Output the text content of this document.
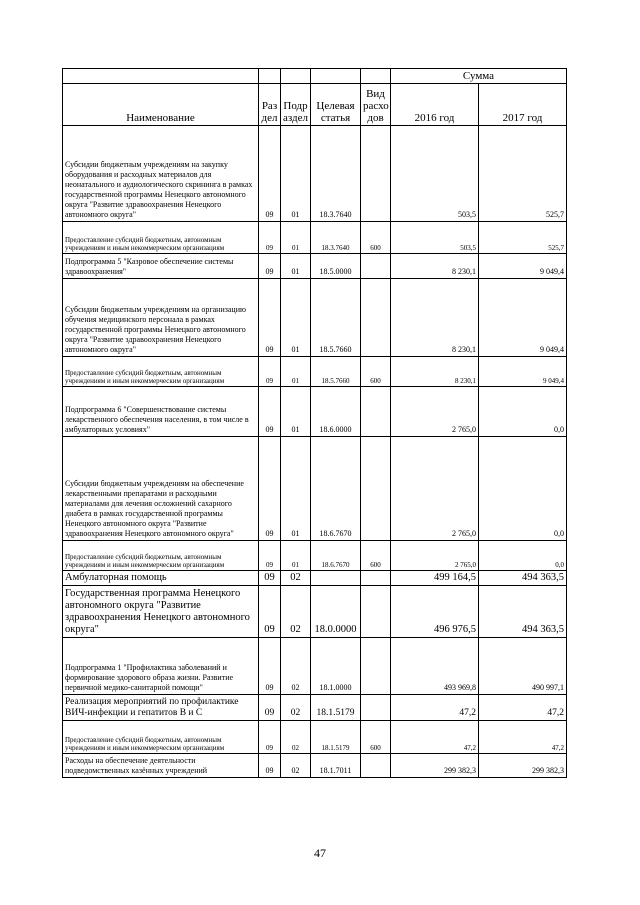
					Сумма	
Наименование	Раз дел	Подр аздел	Целевая статья	Вид расхо дов	2016 год	2017 год
Субсидии бюджетным учреждениям на закупку оборудования и расходных материалов для неонатального и аудиологического скрининга в рамках государственной программы Ненецкого автономного округа "Развитие здравоохранения Ненецкого автономного округа"	09	01	18.3.7640		503,5	525,7
Предоставление субсидий бюджетным, автономным учреждениям и иным некоммерческим организациям	09	01	18.3.7640	600	503,5	525,7
Подпрограмма 5 "Казровое обеспечение системы здравоохранения"	09	01	18.5.0000		8 230,1	9 049,4
Субсидии бюджетным учреждениям на организацию обучения медицинского персонала в рамках государственной программы Ненецкого автономного округа "Развитие здравоохранения Ненецкого автономного округа"	09	01	18.5.7660		8 230,1	9 049,4
Предоставление субсидий бюджетным, автономным учреждениям и иным некоммерческим организациям	09	01	18.5.7660	600	8 230,1	9 049,4
Подпрограмма 6 "Совершенствование системы лекарственного обеспечения населения, в том числе в амбулаторных условиях"	09	01	18.6.0000		2 765,0	0,0
Субсидии бюджетным учреждениям на обеспечение лекарственными препаратами и расходными материалами для лечения осложнений сахарного диабета в рамках государственной программы Ненецкого автономного округа "Развитие здравоохранения Ненецкого автономного округа"	09	01	18.6.7670		2 765,0	0,0
Предоставление субсидий бюджетным, автономным учреждениям и иным некоммерческим организациям	09	01	18.6.7670	600	2 765,0	0,0
Амбулаторная помощь	09	02			499 164,5	494 363,5
Государственная программа Ненецкого автономного округа "Развитие здравоохранения Ненецкого автономного округа"	09	02	18.0.0000		496 976,5	494 363,5
Подпрограмма 1 "Профилактика заболеваний и формирование здорового образа жизни. Развитие первичной медико-санитарной помощи"	09	02	18.1.0000		493 969,8	490 997,1
Реализация мероприятий по профилактике ВИЧ-инфекции и гепатитов В и С	09	02	18.1.5179		47,2	47,2
Предоставление субсидий бюджетным, автономным учреждениям и иным некоммерческим организациям	09	02	18.1.5179	600	47,2	47,2
Расходы на обеспечение деятельности подведомственных казённых учреждений	09	02	18.1.7011		299 382,3	299 382,3
47
